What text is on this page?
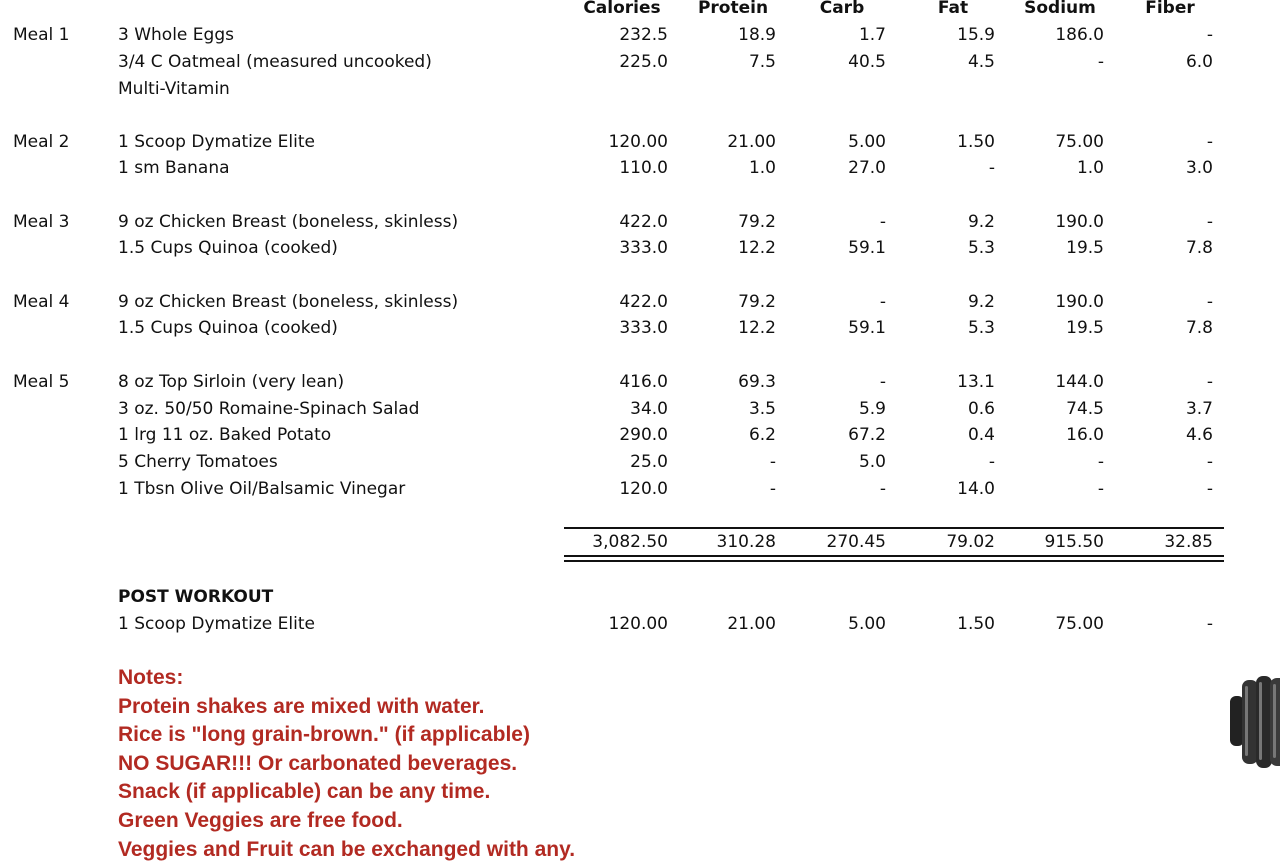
Calories Protein	Carb	Fat	Sodium	Fiber
Meal 1	3 Whole Eggs	232.5	18.9	1.7	15.9	186.0	-
3/4 C Oatmeal (measured uncooked)	225.0	7.5	40.5	4.5	-	6.0
Multi-Vitamin
Meal 2	1 Scoop Dymatize Elite	120.00	21.00	5.00	1.50	75.00	-
1 sm Banana	110.0	1.0	27.0	-	1.0	3.0
Meal 3	9 oz Chicken Breast (boneless, skinless)	422.0	79.2	-	9.2	190.0	-
1.5 Cups Quinoa (cooked)	333.0	12.2	59.1	5.3	19.5	7.8
Meal 4	9 oz Chicken Breast (boneless, skinless)	422.0	79.2	-	9.2	190.0	-
1.5 Cups Quinoa (cooked)	333.0	12.2	59.1	5.3	19.5	7.8
Meal 5	8 oz Top Sirloin (very lean)	416.0	69.3	-	13.1	144.0	-
3 oz. 50/50 Romaine-Spinach Salad	34.0	3.5	5.9	0.6	74.5	3.7
1 lrg 11 oz. Baked Potato	290.0	6.2	67.2	0.4	16.0	4.6
5 Cherry Tomatoes	25.0	-	5.0	-	-	-
1 Tbsn Olive Oil/Balsamic Vinegar	120.0	-	-	14.0	-	-
3,082.50	310.28	270.45	79.02	915.50	32.85
POST WORKOUT
1 Scoop Dymatize Elite	120.00	21.00	5.00	1.50	75.00	-
Notes:
Protein shakes are mixed with water.
Rice is "long grain-brown." (if applicable)
NO SUGAR!!! Or carbonated beverages.
Snack (if applicable) can be any time.
Green Veggies are free food.
Veggies and Fruit can be exchanged with any.
